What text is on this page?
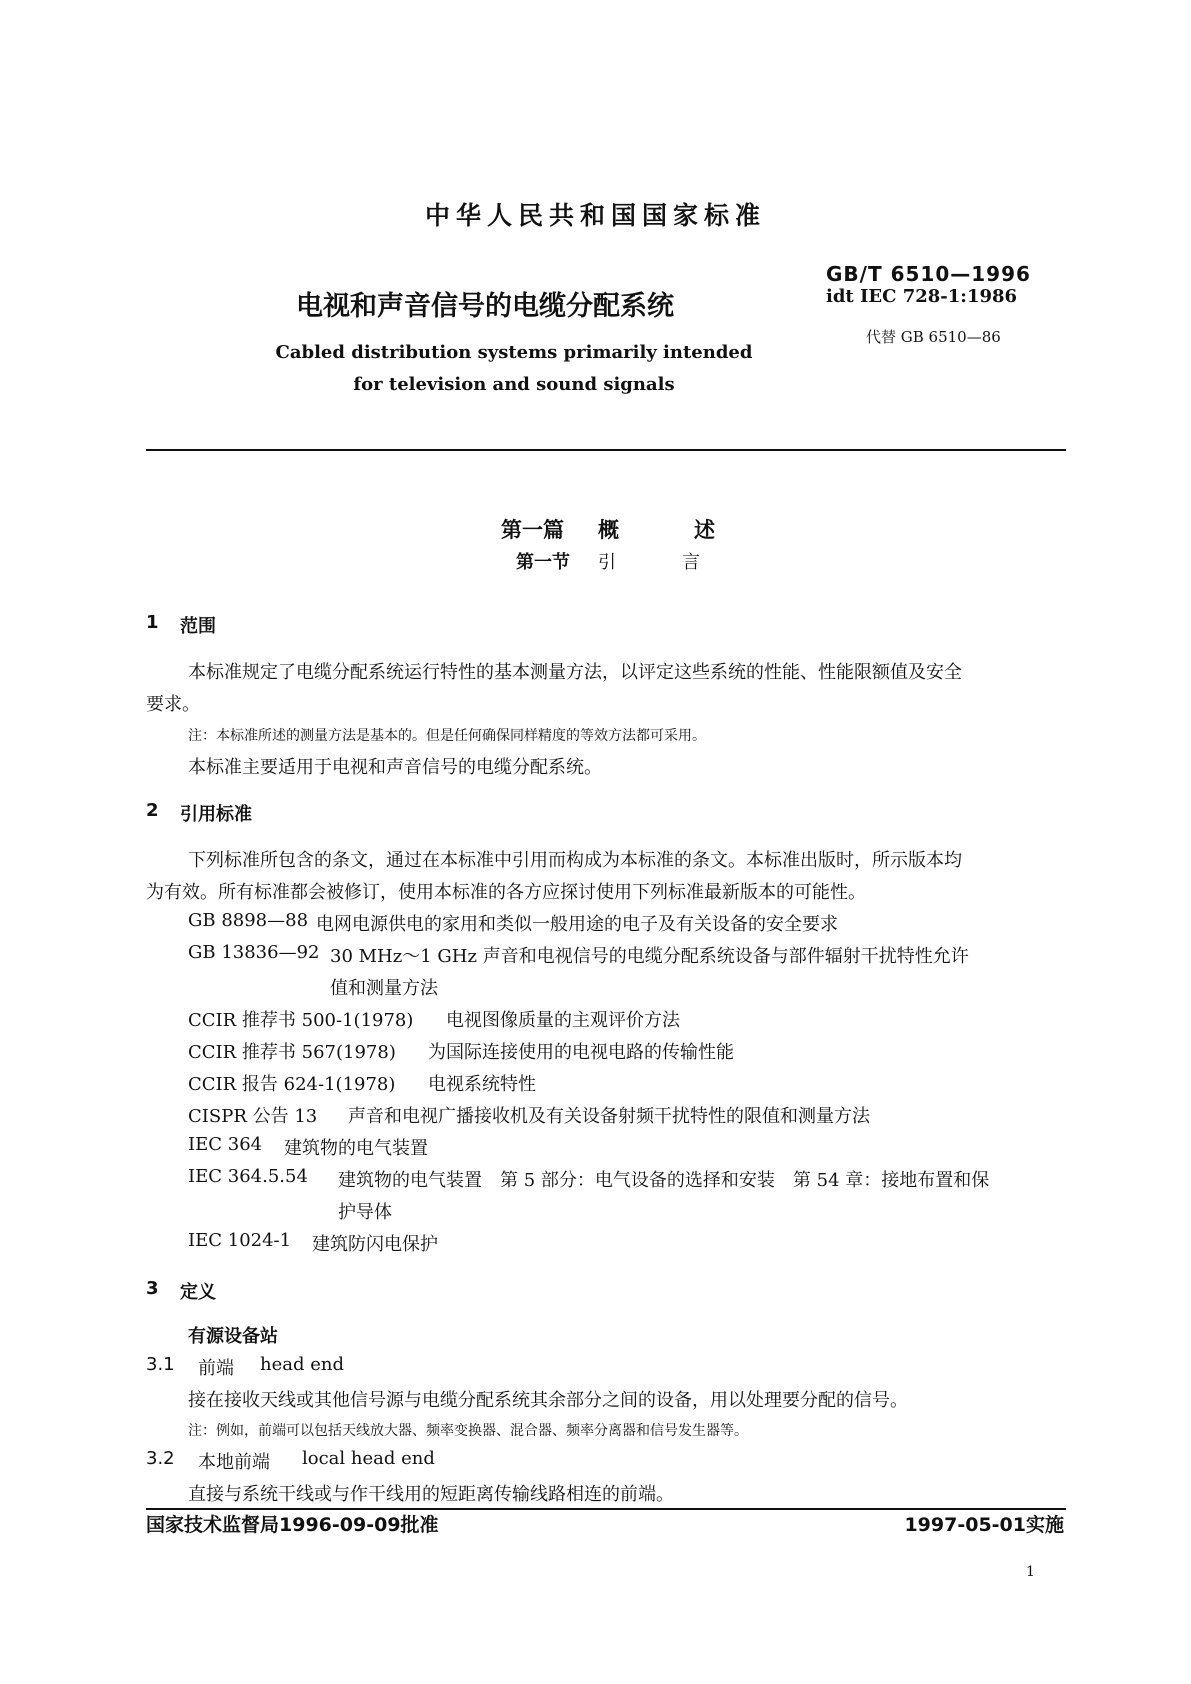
中华人民共和国国家标准
GB/T 6510—1996
idt IEC 728-1:1986
代替 GB 6510—86
电视和声音信号的电缆分配系统
Cabled distribution systems primarily intended
for television and sound signals
第一篇 概	述
第一节 引	言
1 范围
本标准规定了电缆分配系统运行特性的基本测量方法，以评定这些系统的性能、性能限额值及安全
要求。
注：本标准所述的测量方法是基本的。但是任何确保同样精度的等效方法都可采用。
本标准主要适用于电视和声音信号的电缆分配系统。
2 引用标准
下列标准所包含的条文，通过在本标准中引用而构成为本标准的条文。本标准出版时，所示版本均
为有效。所有标准都会被修订，使用本标准的各方应探讨使用下列标准最新版本的可能性。
GB 8898—88 电网电源供电的家用和类似一般用途的电子及有关设备的安全要求
GB 13836—92 30 MHz～1 GHz 声音和电视信号的电缆分配系统设备与部件辐射干扰特性允许
值和测量方法
CCIR 推荐书 500-1(1978) 电视图像质量的主观评价方法
CCIR 推荐书 567(1978) 为国际连接使用的电视电路的传输性能
CCIR 报告 624-1(1978) 电视系统特性
CISPR 公告 13 声音和电视广播接收机及有关设备射频干扰特性的限值和测量方法
IEC 364 建筑物的电气装置
IEC 364.5.54 建筑物的电气装置　第 5 部分：电气设备的选择和安装　第 54 章：接地布置和保
护导体
IEC 1024-1 建筑防闪电保护
3 定义
有源设备站
3.1 前端 head end
接在接收天线或其他信号源与电缆分配系统其余部分之间的设备，用以处理要分配的信号。
注：例如，前端可以包括天线放大器、频率变换器、混合器、频率分离器和信号发生器等。
3.2 本地前端 local head end
直接与系统干线或与作干线用的短距离传输线路相连的前端。
国家技术监督局1996-09-09批准	1997-05-01实施
1
